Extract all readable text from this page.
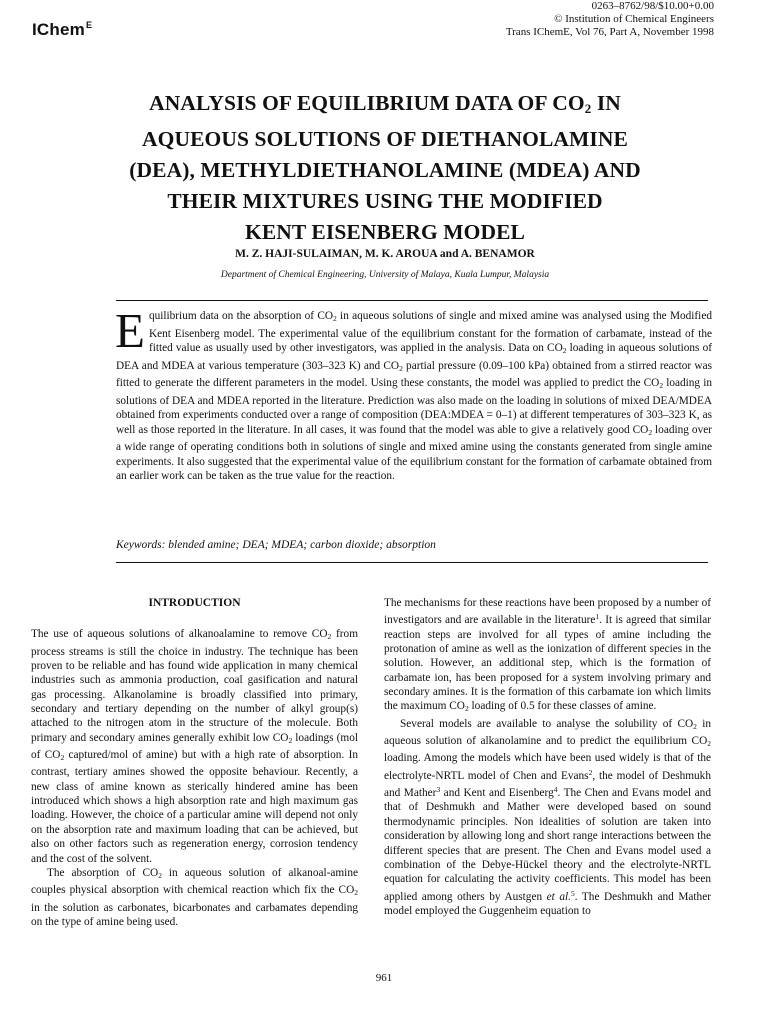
IChem$^E$
0263–8762/98/$10.00+0.00
© Institution of Chemical Engineers
Trans IChemE, Vol 76, Part A, November 1998
ANALYSIS OF EQUILIBRIUM DATA OF $CO_2$ IN
AQUEOUS SOLUTIONS OF DIETHANOLAMINE
(DEA), METHYLDIETHANOLAMINE (MDEA) AND
THEIR MIXTURES USING THE MODIFIED
KENT EISENBERG MODEL
M. Z. HAJI-SULAIMAN, M. K. AROUA and A. BENAMOR
Department of Chemical Engineering, University of Malaya, Kuala Lumpur, Malaysia

Equilibrium data on the absorption of $CO_2$ in aqueous solutions of single and mixed amine was analysed using the Modified Kent Eisenberg model. The experimental value of the equilibrium constant for the formation of carbamate, instead of the fitted value as usually used by other investigators, was applied in the analysis. Data on $CO_2$ loading in aqueous solutions of DEA and MDEA at various temperature (303–323 K) and $CO_2$ partial pressure (0.09–100 kPa) obtained from a stirred reactor was fitted to generate the different parameters in the model. Using these constants, the model was applied to predict the $CO_2$ loading in solutions of DEA and MDEA reported in the literature. Prediction was also made on the loading in solutions of mixed DEA/MDEA obtained from experiments conducted over a range of composition (DEA:MDEA = 0–1) at different temperatures of 303–323 K, as well as those reported in the literature. In all cases, it was found that the model was able to give a relatively good $CO_2$ loading over a wide range of operating conditions both in solutions of single and mixed amine using the constants generated from single amine experiments. It also suggested that the experimental value of the equilibrium constant for the formation of carbamate obtained from an earlier work can be taken as the true value for the reaction.

Keywords: blended amine; DEA; MDEA; carbon dioxide; absorption

INTRODUCTION

The use of aqueous solutions of alkanoalamine to remove $CO_2$ from process streams is still the choice in industry. The technique has been proven to be reliable and has found wide application in many chemical industries such as ammonia production, coal gasification and natural gas processing. Alkanolamine is broadly classified into primary, secondary and tertiary depending on the number of alkyl group(s) attached to the nitrogen atom in the structure of the molecule. Both primary and secondary amines generally exhibit low $CO_2$ loadings (mol of $CO_2$ captured/mol of amine) but with a high rate of absorption. In contrast, tertiary amines showed the opposite behaviour. Recently, a new class of amine known as sterically hindered amine has been introduced which shows a high absorption rate and high maximum gas loading. However, the choice of a particular amine will depend not only on the absorption rate and maximum loading that can be achieved, but also on other factors such as regeneration energy, corrosion tendency and the cost of the solvent.

The absorption of $CO_2$ in aqueous solution of alkanoal-amine couples physical absorption with chemical reaction which fix the $CO_2$ in the solution as carbonates, bicarbonates and carbamates depending on the type of amine being used.

The mechanisms for these reactions have been proposed by a number of investigators and are available in the literature$^1$. It is agreed that similar reaction steps are involved for all types of amine including the protonation of amine as well as the ionization of different species in the solution. However, an additional step, which is the formation of carbamate ion, has been proposed for a system involving primary and secondary amines. It is the formation of this carbamate ion which limits the maximum $CO_2$ loading of 0.5 for these classes of amine.

Several models are available to analyse the solubility of $CO_2$ in aqueous solution of alkanolamine and to predict the equilibrium $CO_2$ loading. Among the models which have been used widely is that of the electrolyte-NRTL model of Chen and Evans$^2$, the model of Deshmukh and Mather$^3$ and Kent and Eisenberg$^4$. The Chen and Evans model and that of Deshmukh and Mather were developed based on sound thermodynamic principles. Non idealities of solution are taken into consideration by allowing long and short range interactions between the different species that are present. The Chen and Evans model used a combination of the Debye-Hückel theory and the electrolyte-NRTL equation for calculating the activity coefficients. This model has been applied among others by Austgen et al.$^5$. The Deshmukh and Mather model employed the Guggenheim equation to

961
